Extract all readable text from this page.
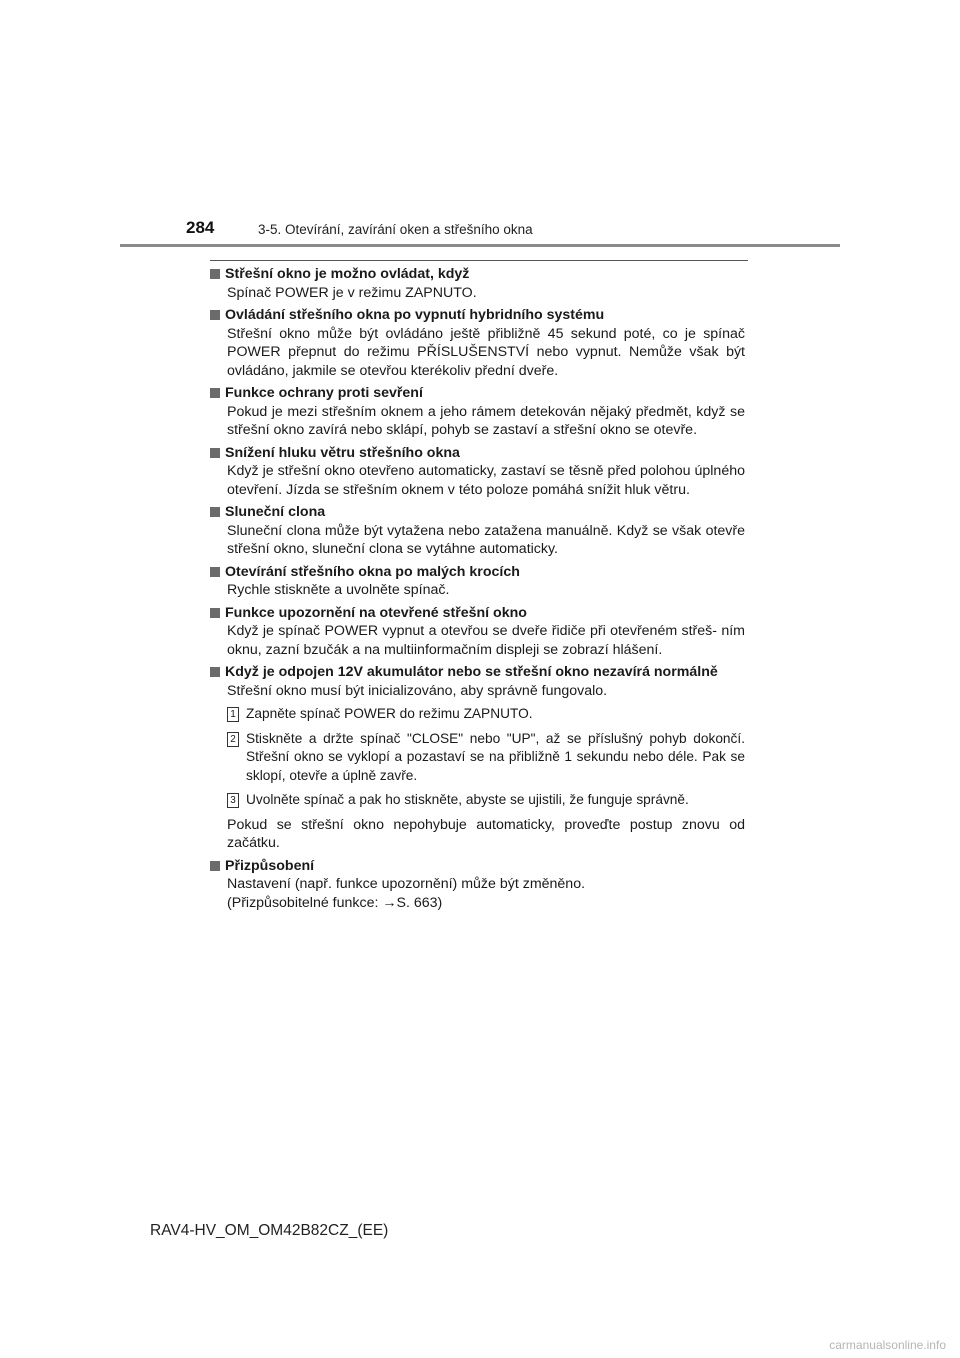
284	3-5. Otevírání, zavírání oken a střešního okna
Střešní okno je možno ovládat, když

Spínač POWER je v režimu ZAPNUTO.

Ovládání střešního okna po vypnutí hybridního systému

Střešní okno může být ovládáno ještě přibližně 45 sekund poté, co je spínač POWER přepnut do režimu PŘÍSLUŠENSTVÍ nebo vypnut. Nemůže však být ovládáno, jakmile se otevřou kterékoliv přední dveře.

Funkce ochrany proti sevření

Pokud je mezi střešním oknem a jeho rámem detekován nějaký předmět, když se střešní okno zavírá nebo sklápí, pohyb se zastaví a střešní okno se otevře.

Snížení hluku větru střešního okna

Když je střešní okno otevřeno automaticky, zastaví se těsně před polohou úplného otevření. Jízda se střešním oknem v této poloze pomáhá snížit hluk větru.

Sluneční clona

Sluneční clona může být vytažena nebo zatažena manuálně. Když se však otevře střešní okno, sluneční clona se vytáhne automaticky.

Otevírání střešního okna po malých krocích

Rychle stiskněte a uvolněte spínač.

Funkce upozornění na otevřené střešní okno

Když je spínač POWER vypnut a otevřou se dveře řidiče při otevřeném střeš- ním oknu, zazní bzučák a na multiinformačním displeji se zobrazí hlášení.

Když je odpojen 12V akumulátor nebo se střešní okno nezavírá normálně

Střešní okno musí být inicializováno, aby správně fungovalo.

1 Zapněte spínač POWER do režimu ZAPNUTO.
2 Stiskněte a držte spínač "CLOSE" nebo "UP", až se příslušný pohyb dokončí. Střešní okno se vyklopí a pozastaví se na přibližně 1 sekundu nebo déle. Pak se sklopí, otevře a úplně zavře.
3 Uvolněte spínač a pak ho stiskněte, abyste se ujistili, že funguje správně.

Pokud se střešní okno nepohybuje automaticky, proveďte postup znovu od začátku.

Přizpůsobení
Nastavení (např. funkce upozornění) může být změněno.
(Přizpůsobitelné funkce: →S. 663)
RAV4-HV_OM_OM42B82CZ_(EE)
carmanualsonline.info
